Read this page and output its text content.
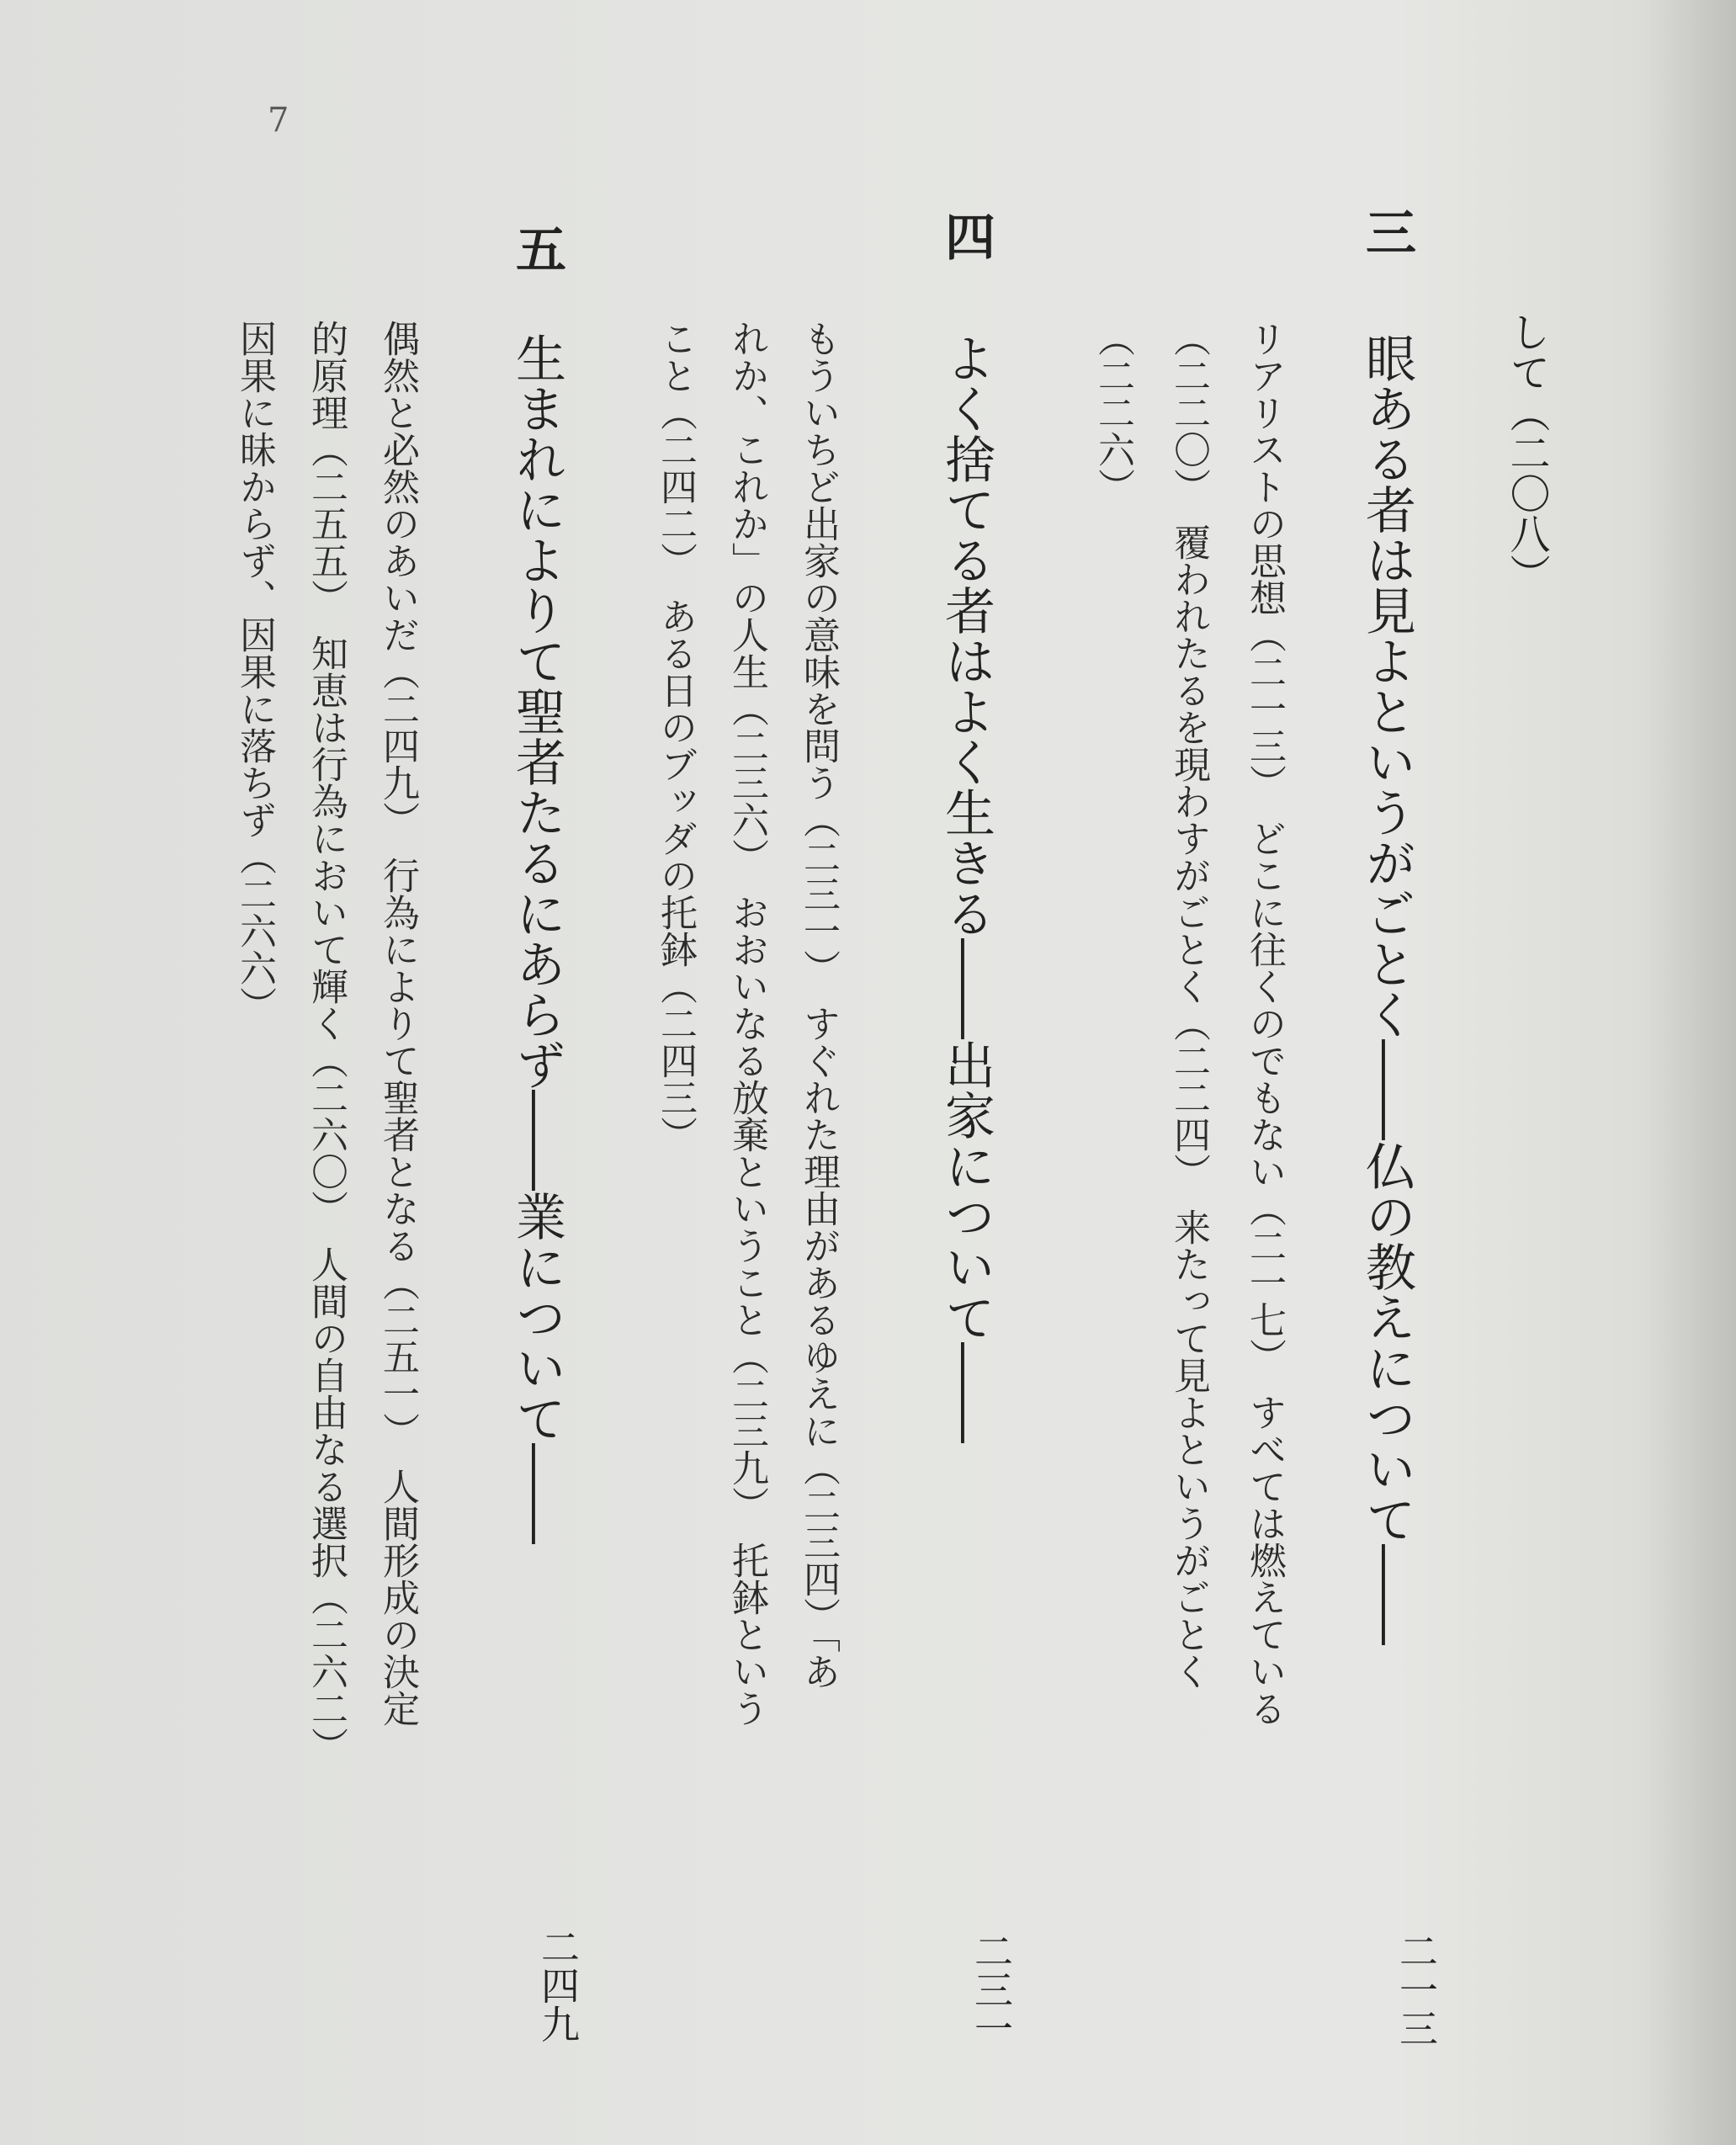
して（二〇八）
三
眼ある者は見よというがごとく――仏の教えについて――
二一三
リアリストの思想（二一三）　どこに往くのでもない（二一七）　すべては燃えている
（二二〇）　覆われたるを現わすがごとく（二二四）　来たって見よというがごとく
（二二六）
四
よく捨てる者はよく生きる――出家について――
二三一
もういちど出家の意味を問う（二三一）　すぐれた理由があるゆえに（二三四）「あ
れか、これか」の人生（二三六）　おおいなる放棄ということ（二三九）　托鉢という
こと（二四二）　ある日のブッダの托鉢（二四三）
五
生まれによりて聖者たるにあらず――業について――
二四九
偶然と必然のあいだ（二四九）　行為によりて聖者となる（二五一）　人間形成の決定
的原理（二五五）　知恵は行為において輝く（二六〇）　人間の自由なる選択（二六二）
因果に昧からず、因果に落ちず（二六六）
7
